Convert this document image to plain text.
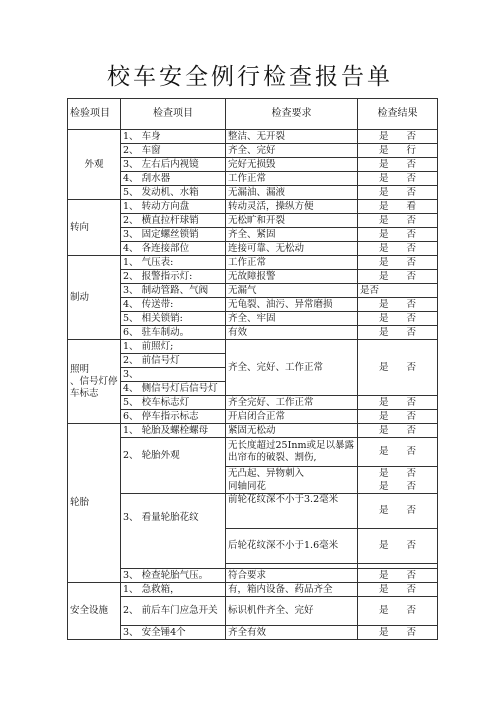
校车安全例行检查报告单
检验项目	检查项目	检查要求	检查结果
外观	1、 车身	整洁、无开裂	是      否
	2、 车窗	齐全、完好	是      行
	3、 左右后内视镜	完好无损毁	是      否
	4、 刮水器	工作正常	是      否
	5、 发动机、水箱	无漏油、漏液	是      否
转向	1、 转动方向盘	转动灵活，操纵方便	是      看
	2、 横直拉杆球销	无松旷和开裂	是      否
	3、 固定螺丝锁销	齐全、紧固	是      否
	4、 各连接部位	连接可靠、无松动	是      否
制动	1、 气压表:	工作正常	是      否
	2、 报警指示灯:	无故障报警	是      否
	3、 制动管路、气阀	无漏气	是否
	4、 传送带:	无龟裂、油污、异常磨损	是      否
	5、 相关锁销:	齐全、牢固	是      否
	6、 驻车制动。	有效	是      否
照明
、信号灯停车标志	1、 前照灯;	齐全、完好、工作正常	是      否
	2、 前信号灯		
	3、		
	4、 侧信号灯后信号灯		
	5、 校车标志灯	齐全完好、工作正常	是      否
	6、 停车指示标志	开启闭合正常	是      否
轮胎	1、 轮胎及螺栓螺母	紧固无松动	是      否
	2、 轮胎外观	无长度超过25Inm或足以暴露出帘布的破裂、割伤,	是      否
		无凸起、异物刺入	是      否
		同轴同花	是      否
	3、 看量轮胎花纹	前轮花纹深不小于3.2毫米	是      否
		后轮花纹深不小于1.6毫米	是      否

	3、 检查轮胎气压。	符合要求	是      否
安全设施	1、 急救箱，	有，箱内设备、药品齐全	是      否
	2、 前后车门应急开关	标识机件齐全、完好	是      否
	3、 安全锤4个	齐全有效	是      否
